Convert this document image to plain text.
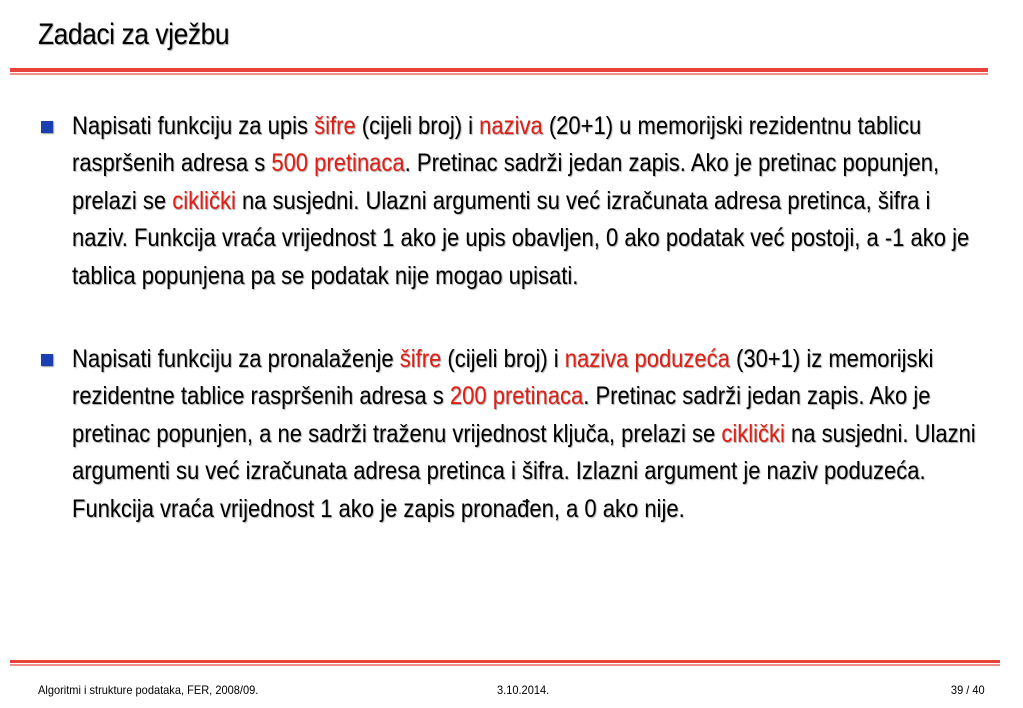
Zadaci za vježbu
Napisati funkciju za upis šifre (cijeli broj) i naziva (20+1) u memorijski rezidentnu tablicu raspršenih adresa s 500 pretinaca. Pretinac sadrži jedan zapis. Ako je pretinac popunjen, prelazi se ciklički na susjedni. Ulazni argumenti su već izračunata adresa pretinca, šifra i naziv. Funkcija vraća vrijednost 1 ako je upis obavljen, 0 ako podatak već postoji, a -1 ako je tablica popunjena pa se podatak nije mogao upisati.
Napisati funkciju za pronalaženje šifre (cijeli broj) i naziva poduzeća (30+1) iz memorijski rezidentne tablice raspršenih adresa s 200 pretinaca. Pretinac sadrži jedan zapis. Ako je pretinac popunjen, a ne sadrži traženu vrijednost ključa, prelazi se ciklički na susjedni. Ulazni argumenti su već izračunata adresa pretinca i šifra. Izlazni argument je naziv poduzeća. Funkcija vraća vrijednost 1 ako je zapis pronađen, a 0 ako nije.
Algoritmi i strukture podataka, FER, 2008/09.	3.10.2014.	39 / 40
